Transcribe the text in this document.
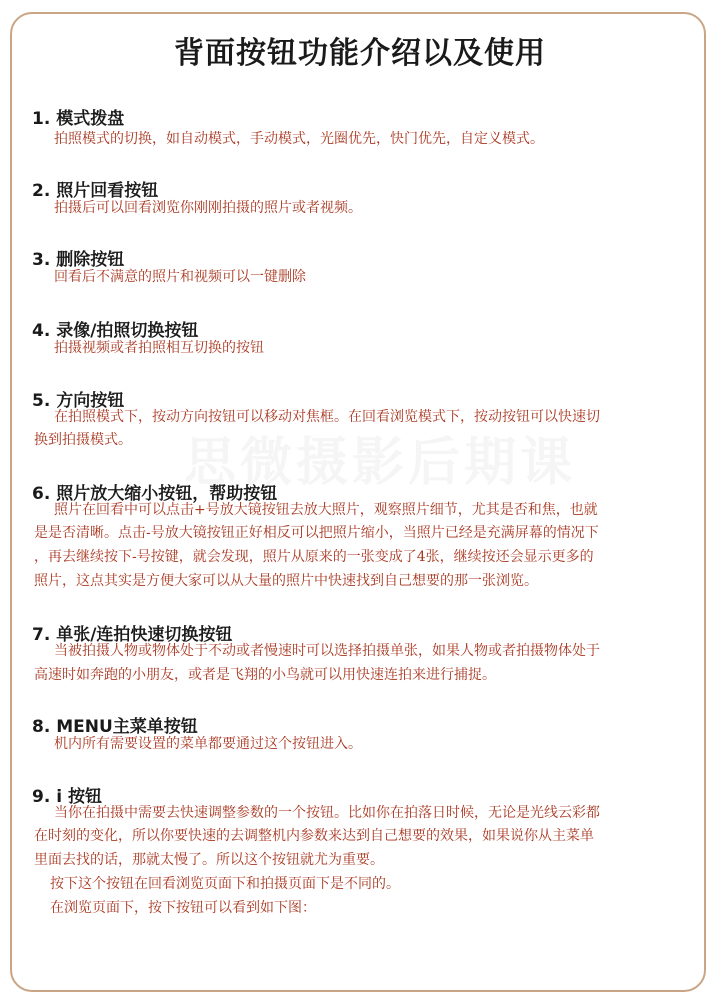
背面按钮功能介绍以及使用
思微摄影后期课
1. 模式拨盘
拍照模式的切换，如自动模式，手动模式，光圈优先，快门优先，自定义模式。
2. 照片回看按钮
拍摄后可以回看浏览你刚刚拍摄的照片或者视频。
3. 删除按钮
回看后不满意的照片和视频可以一键删除
4. 录像/拍照切换按钮
拍摄视频或者拍照相互切换的按钮
5. 方向按钮
在拍照模式下，按动方向按钮可以移动对焦框。在回看浏览模式下，按动按钮可以快速切
换到拍摄模式。
6. 照片放大缩小按钮，帮助按钮
照片在回看中可以点击+号放大镜按钮去放大照片，观察照片细节，尤其是否和焦，也就
是是否清晰。点击-号放大镜按钮正好相反可以把照片缩小，当照片已经是充满屏幕的情况下
，再去继续按下-号按键，就会发现，照片从原来的一张变成了4张，继续按还会显示更多的
照片，这点其实是方便大家可以从大量的照片中快速找到自己想要的那一张浏览。
7. 单张/连拍快速切换按钮
当被拍摄人物或物体处于不动或者慢速时可以选择拍摄单张，如果人物或者拍摄物体处于
高速时如奔跑的小朋友，或者是飞翔的小鸟就可以用快速连拍来进行捕捉。
8. MENU主菜单按钮
机内所有需要设置的菜单都要通过这个按钮进入。
9. i 按钮
当你在拍摄中需要去快速调整参数的一个按钮。比如你在拍落日时候，无论是光线云彩都
在时刻的变化，所以你要快速的去调整机内参数来达到自己想要的效果，如果说你从主菜单
里面去找的话，那就太慢了。所以这个按钮就尤为重要。
按下这个按钮在回看浏览页面下和拍摄页面下是不同的。
在浏览页面下，按下按钮可以看到如下图：
